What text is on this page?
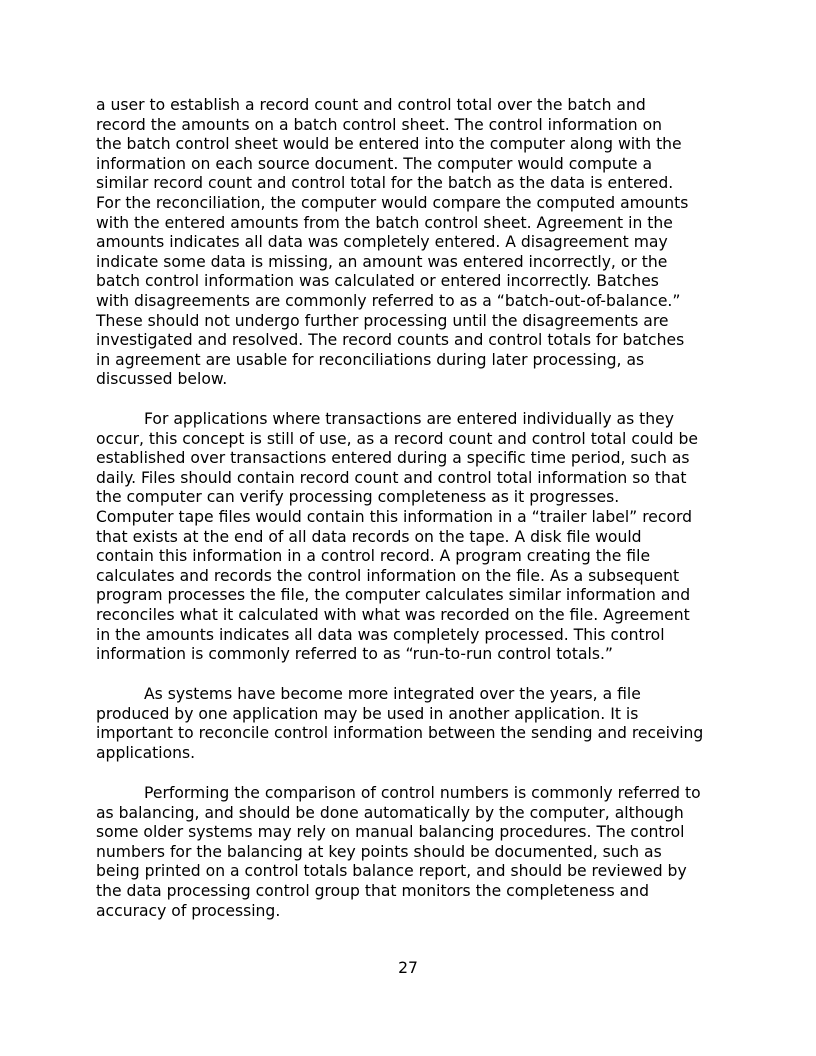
a user to establish a record count and control total over the batch and
record the amounts on a batch control sheet. The control information on
the batch control sheet would be entered into the computer along with the
information on each source document. The computer would compute a
similar record count and control total for the batch as the data is entered.
For the reconciliation, the computer would compare the computed amounts
with the entered amounts from the batch control sheet. Agreement in the
amounts indicates all data was completely entered. A disagreement may
indicate some data is missing, an amount was entered incorrectly, or the
batch control information was calculated or entered incorrectly. Batches
with disagreements are commonly referred to as a “batch-out-of-balance.”
These should not undergo further processing until the disagreements are
investigated and resolved. The record counts and control totals for batches
in agreement are usable for reconciliations during later processing, as
discussed below.

For applications where transactions are entered individually as they
occur, this concept is still of use, as a record count and control total could be
established over transactions entered during a specific time period, such as
daily. Files should contain record count and control total information so that
the computer can verify processing completeness as it progresses.
Computer tape files would contain this information in a “trailer label” record
that exists at the end of all data records on the tape. A disk file would
contain this information in a control record. A program creating the file
calculates and records the control information on the file. As a subsequent
program processes the file, the computer calculates similar information and
reconciles what it calculated with what was recorded on the file. Agreement
in the amounts indicates all data was completely processed. This control
information is commonly referred to as “run-to-run control totals.”

As systems have become more integrated over the years, a file
produced by one application may be used in another application. It is
important to reconcile control information between the sending and receiving
applications.

Performing the comparison of control numbers is commonly referred to
as balancing, and should be done automatically by the computer, although
some older systems may rely on manual balancing procedures. The control
numbers for the balancing at key points should be documented, such as
being printed on a control totals balance report, and should be reviewed by
the data processing control group that monitors the completeness and
accuracy of processing.

27
